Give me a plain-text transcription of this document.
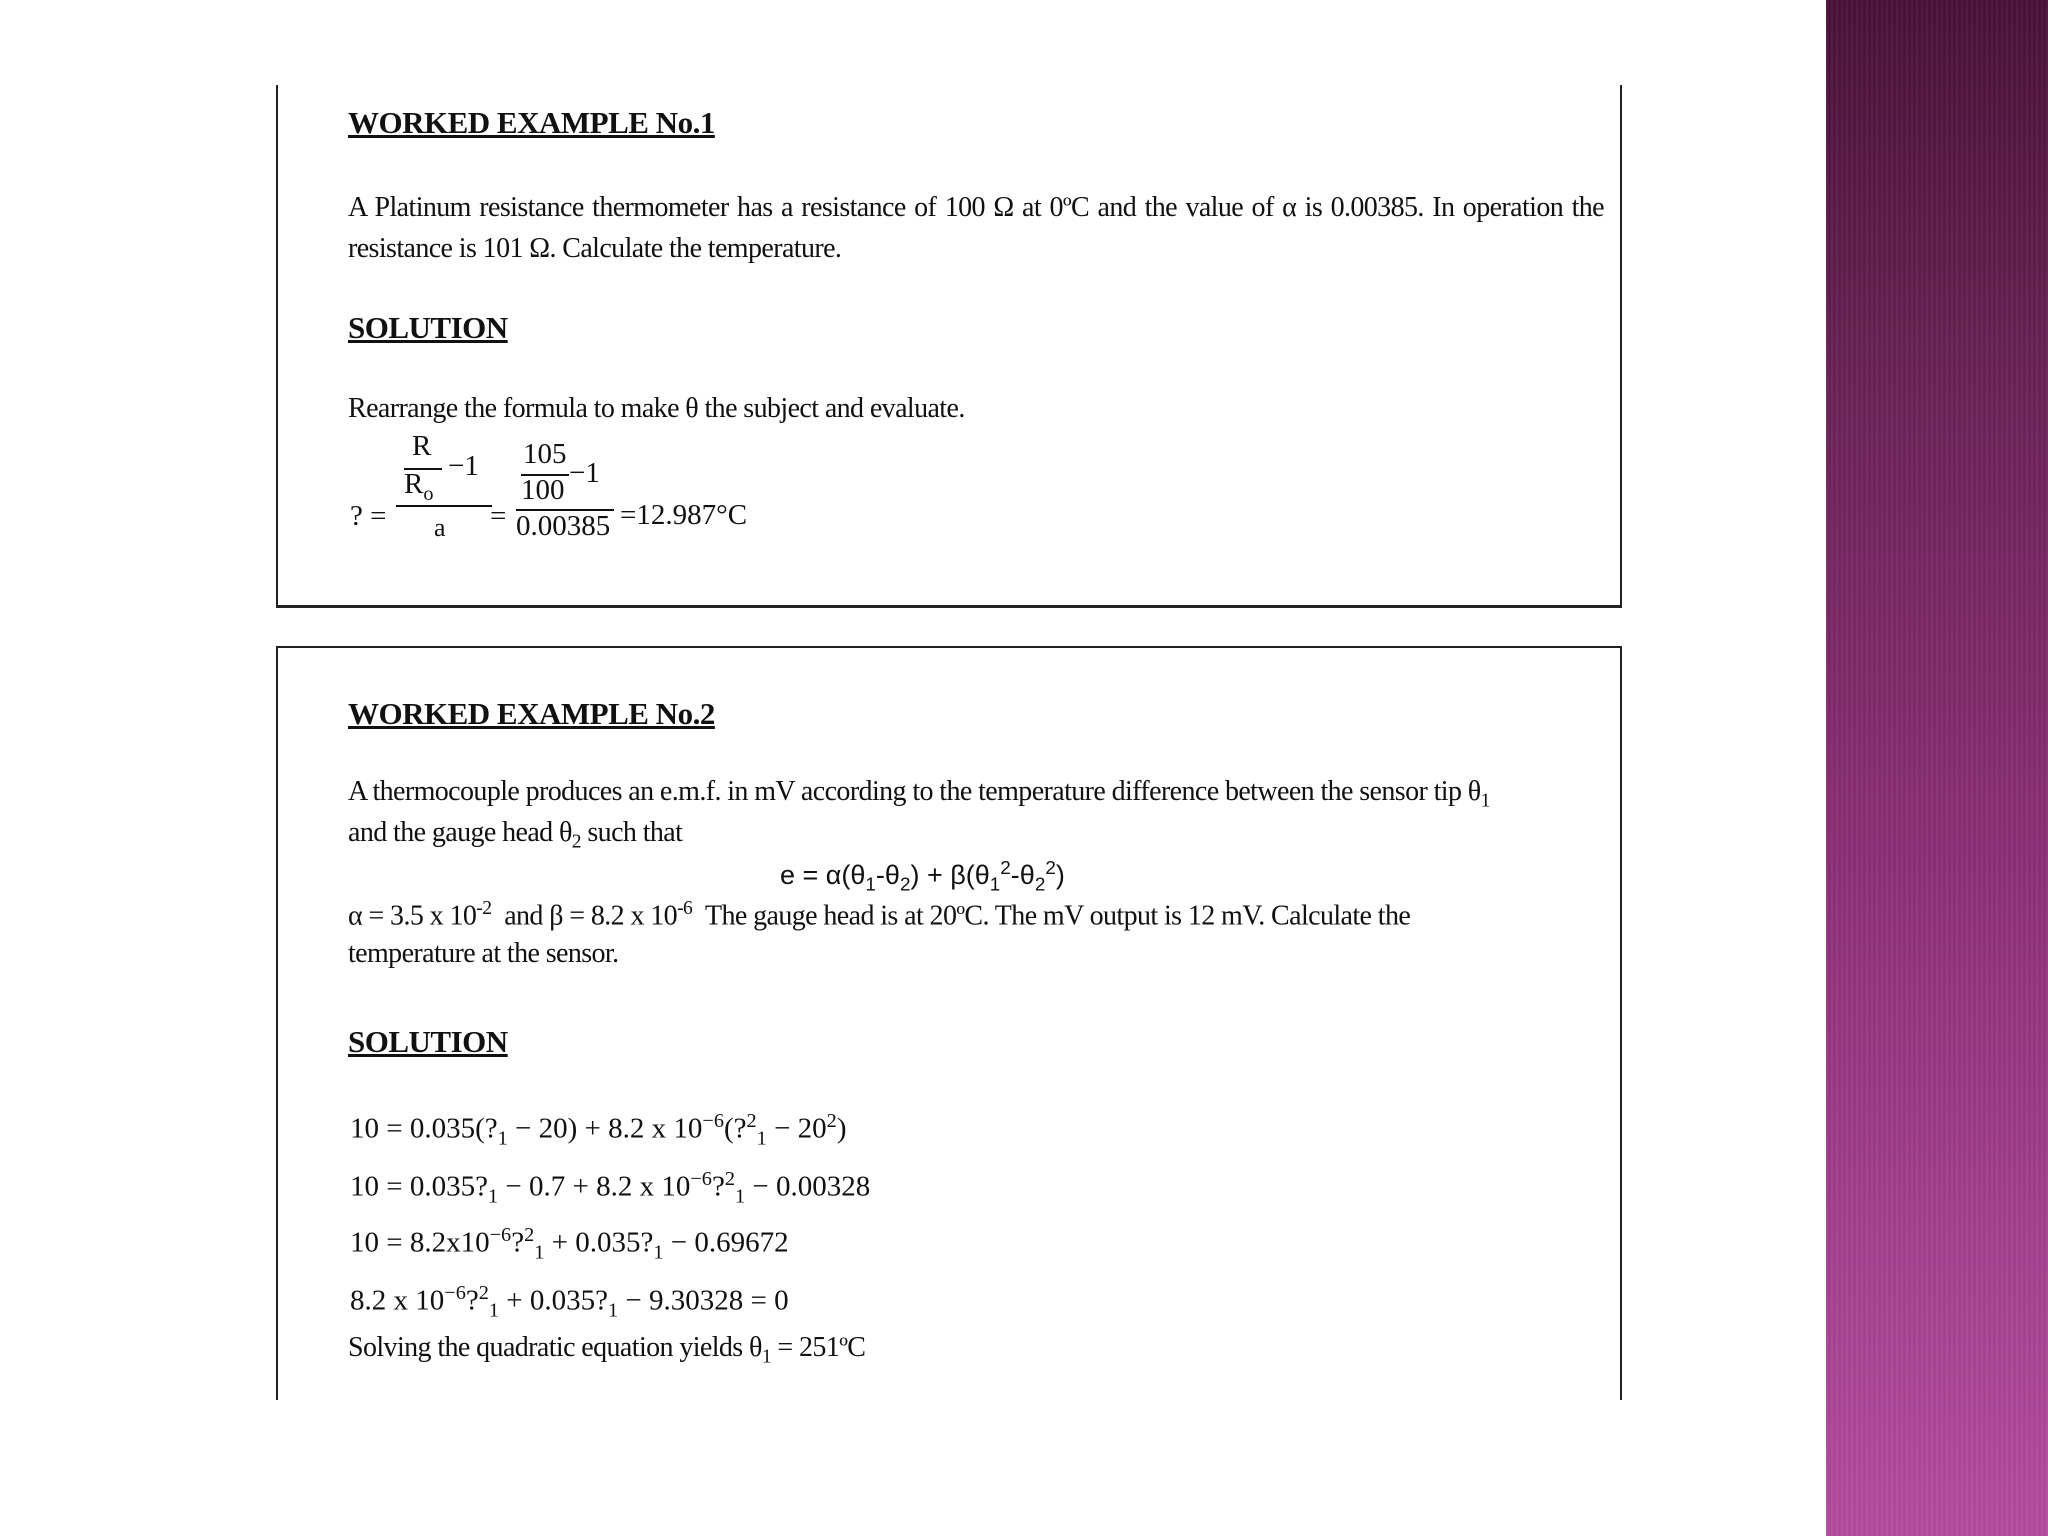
WORKED EXAMPLE No.1
A Platinum resistance thermometer has a resistance of 100 Ω at 0ºC and the value of α is 0.00385. In operation the resistance is 101 Ω. Calculate the temperature.
SOLUTION
Rearrange the formula to make θ the subject and evaluate.
? =
R
$R_o$
−1
a =
105
100
−1
0.00385 =12.987°C
WORKED EXAMPLE No.2
A thermocouple produces an e.m.f. in mV according to the temperature difference between the sensor tip $\theta_1$
and the gauge head $\theta_2$ such that
$e = \alpha(\theta_1-\theta_2) + \beta(\theta_1^2-\theta_2^2)$
α = 3.5 x $10^{-2}$ and β = 8.2 x $10^{-6}$ The gauge head is at 20ºC. The mV output is 12 mV. Calculate the
temperature at the sensor.
SOLUTION
$10 = 0.035(?_1 - 20) + 8.2$ x $10^{-6}(?^2_1 - 20^2)$
$10 = 0.035?_1 - 0.7 + 8.2$ x $10^{-6}?^2_1 - 0.00328$
$10 = 8.2x10^{-6}?^2_1$ + $0.035?_1 - 0.69672$
8.2 x $10^{-6}?^2_1$ + $0.035?_1 - 9.30328 = 0$
Solving the quadratic equation yields $\theta_1$ = 251ºC
